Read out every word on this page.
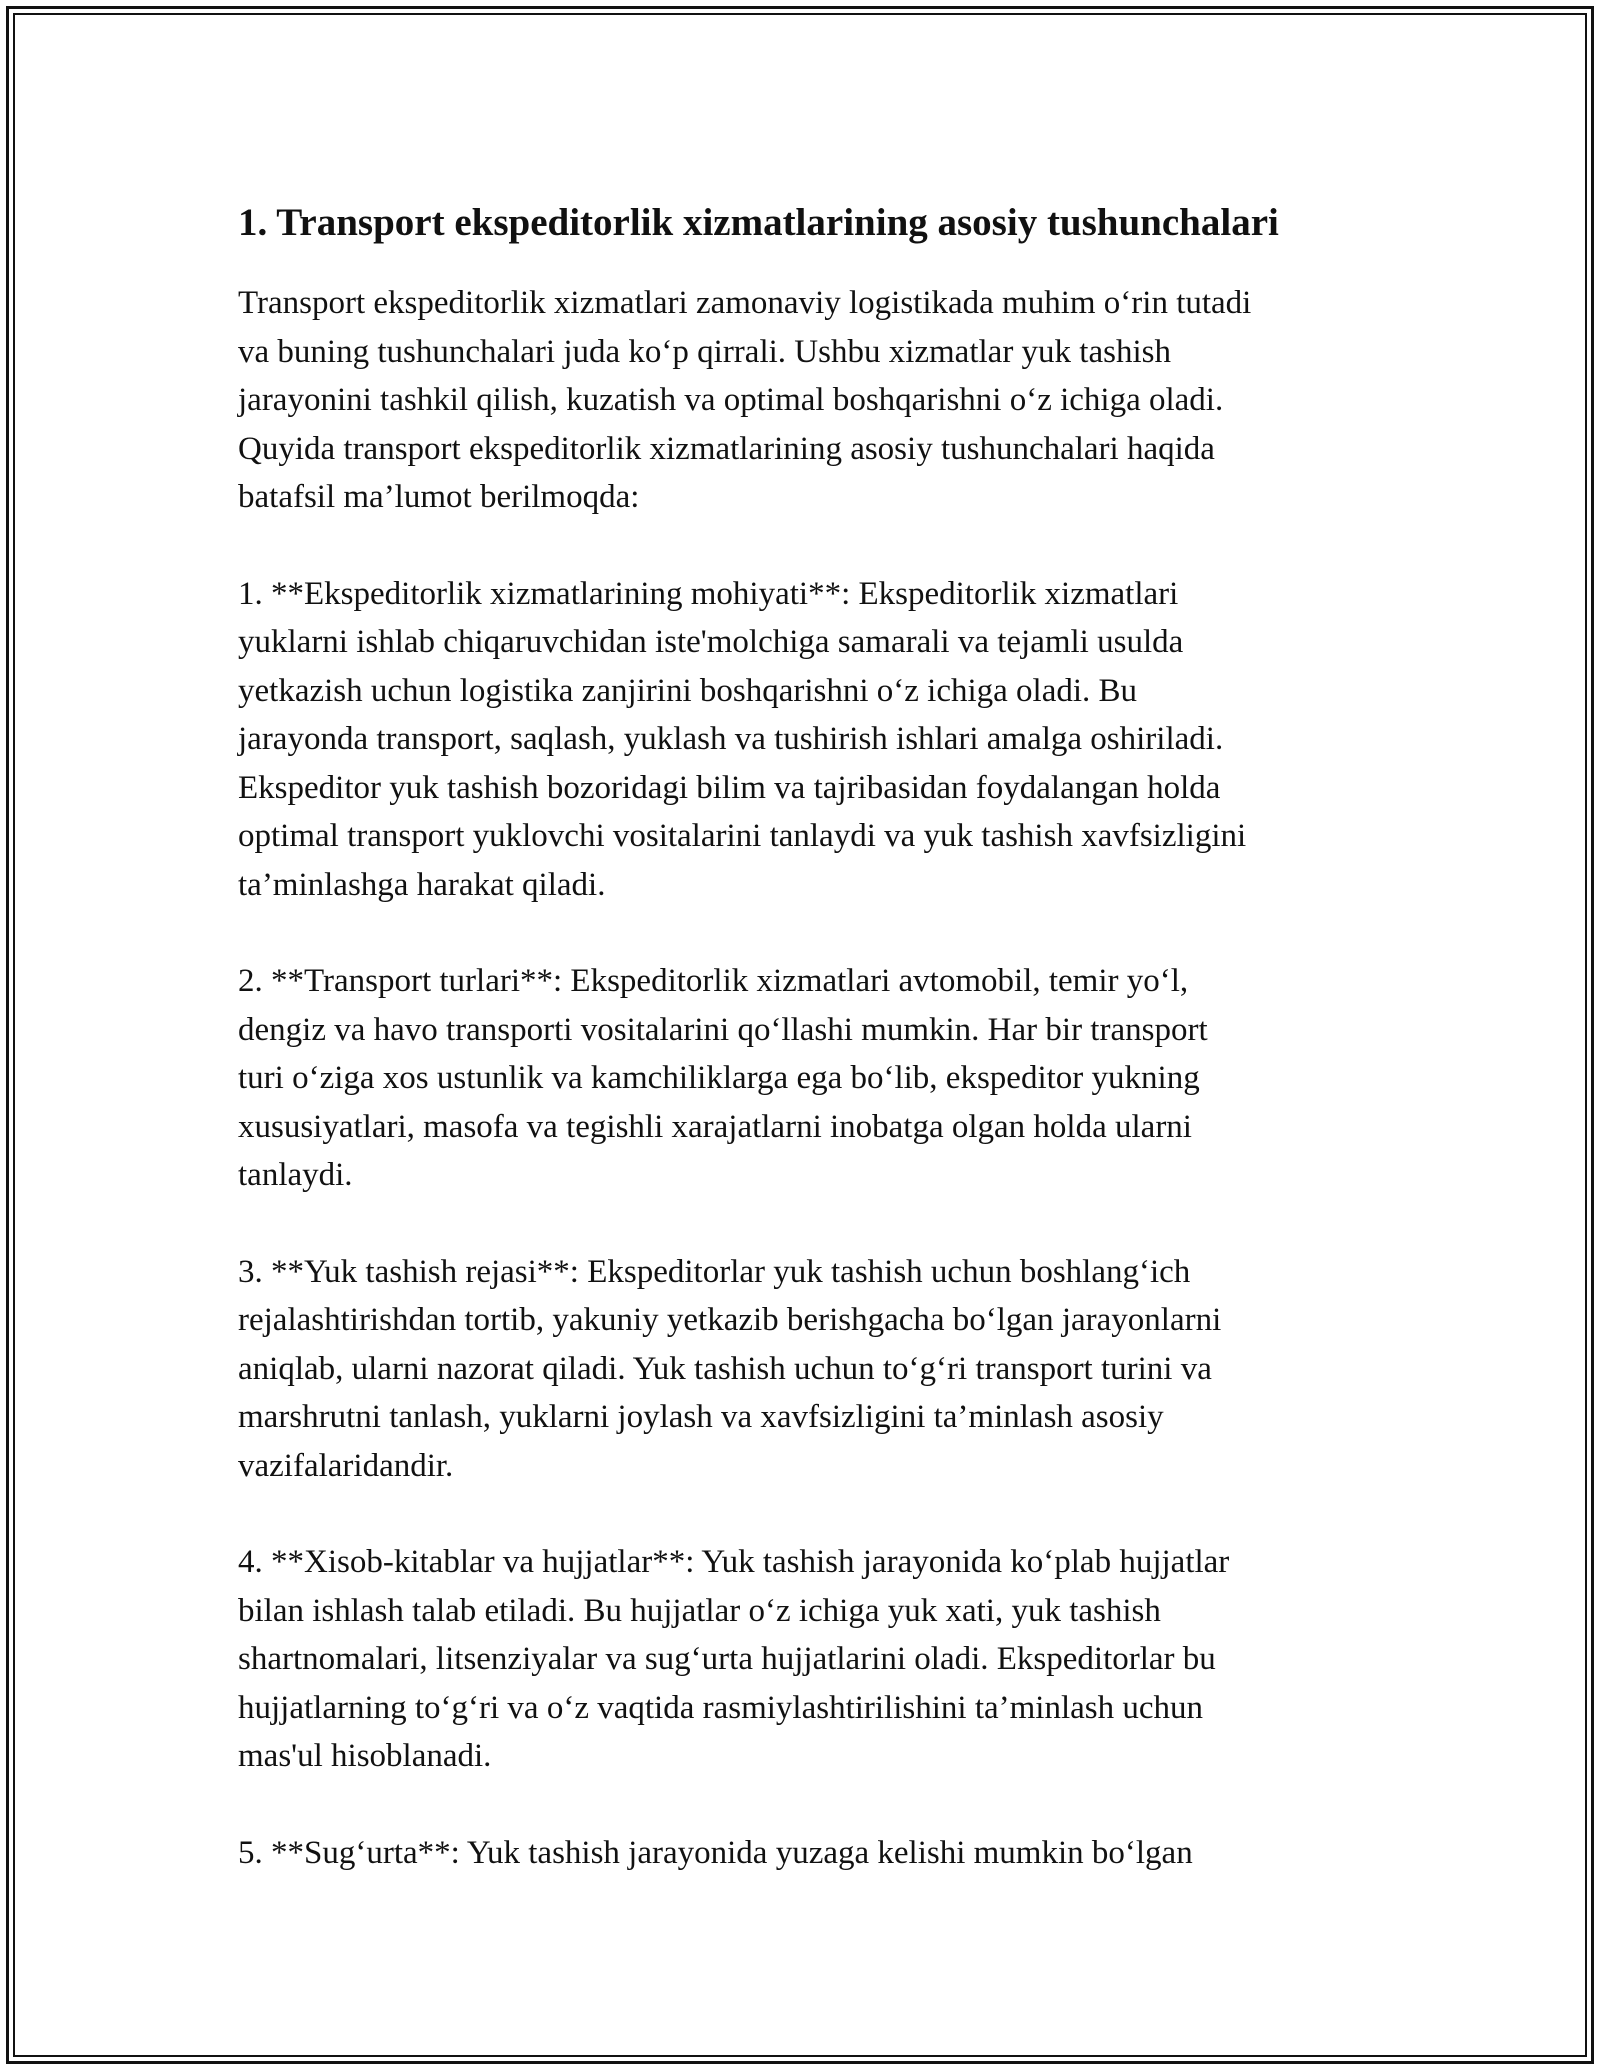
1. Transport ekspeditorlik xizmatlarining asosiy tushunchalari

Transport ekspeditorlik xizmatlari zamonaviy logistikada muhim o‘rin tutadi
va buning tushunchalari juda ko‘p qirrali. Ushbu xizmatlar yuk tashish
jarayonini tashkil qilish, kuzatish va optimal boshqarishni o‘z ichiga oladi.
Quyida transport ekspeditorlik xizmatlarining asosiy tushunchalari haqida
batafsil ma’lumot berilmoqda:

1. **Ekspeditorlik xizmatlarining mohiyati**: Ekspeditorlik xizmatlari
yuklarni ishlab chiqaruvchidan iste'molchiga samarali va tejamli usulda
yetkazish uchun logistika zanjirini boshqarishni o‘z ichiga oladi. Bu
jarayonda transport, saqlash, yuklash va tushirish ishlari amalga oshiriladi.
Ekspeditor yuk tashish bozoridagi bilim va tajribasidan foydalangan holda
optimal transport yuklovchi vositalarini tanlaydi va yuk tashish xavfsizligini
ta’minlashga harakat qiladi.

2. **Transport turlari**: Ekspeditorlik xizmatlari avtomobil, temir yo‘l,
dengiz va havo transporti vositalarini qo‘llashi mumkin. Har bir transport
turi o‘ziga xos ustunlik va kamchiliklarga ega bo‘lib, ekspeditor yukning
xususiyatlari, masofa va tegishli xarajatlarni inobatga olgan holda ularni
tanlaydi.

3. **Yuk tashish rejasi**: Ekspeditorlar yuk tashish uchun boshlang‘ich
rejalashtirishdan tortib, yakuniy yetkazib berishgacha bo‘lgan jarayonlarni
aniqlab, ularni nazorat qiladi. Yuk tashish uchun to‘g‘ri transport turini va
marshrutni tanlash, yuklarni joylash va xavfsizligini ta’minlash asosiy
vazifalaridandir.

4. **Xisob-kitablar va hujjatlar**: Yuk tashish jarayonida ko‘plab hujjatlar
bilan ishlash talab etiladi. Bu hujjatlar o‘z ichiga yuk xati, yuk tashish
shartnomalari, litsenziyalar va sug‘urta hujjatlarini oladi. Ekspeditorlar bu
hujjatlarning to‘g‘ri va o‘z vaqtida rasmiylashtirilishini ta’minlash uchun
mas'ul hisoblanadi.

5. **Sug‘urta**: Yuk tashish jarayonida yuzaga kelishi mumkin bo‘lgan
